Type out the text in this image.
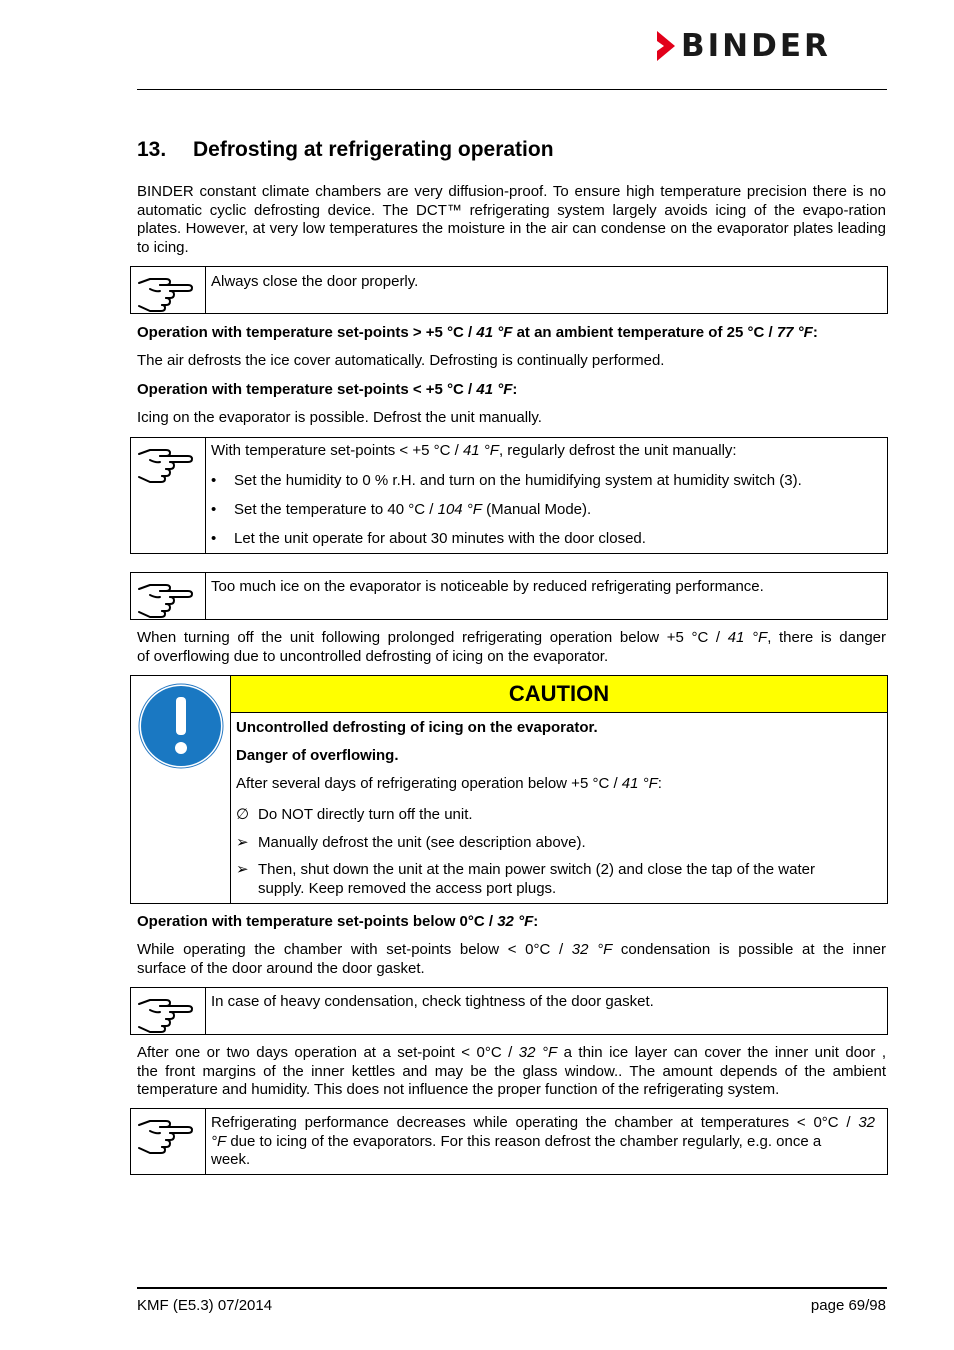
BINDER
13. Defrosting at refrigerating operation
BINDER constant climate chambers are very diffusion-proof. To ensure high temperature precision there is no automatic cyclic defrosting device. The DCT™ refrigerating system largely avoids icing of the evapo-ration plates. However, at very low temperatures the moisture in the air can condense on the evaporator plates leading to icing.
Always close the door properly.
Operation with temperature set-points > +5 °C / 41 °F at an ambient temperature of 25 °C / 77 °F:
The air defrosts the ice cover automatically. Defrosting is continually performed.
Operation with temperature set-points < +5 °C / 41 °F:
Icing on the evaporator is possible. Defrost the unit manually.
With temperature set-points < +5 °C / 41 °F, regularly defrost the unit manually:
• Set the humidity to 0 % r.H. and turn on the humidifying system at humidity switch (3).
• Set the temperature to 40 °C / 104 °F (Manual Mode).
• Let the unit operate for about 30 minutes with the door closed.
Too much ice on the evaporator is noticeable by reduced refrigerating performance.
When turning off the unit following prolonged refrigerating operation below +5 °C / 41 °F, there is danger
of overflowing due to uncontrolled defrosting of icing on the evaporator.
CAUTION
Uncontrolled defrosting of icing on the evaporator.
Danger of overflowing.
After several days of refrigerating operation below +5 °C / 41 °F:
∅ Do NOT directly turn off the unit.
➢ Manually defrost the unit (see description above).
➢ Then, shut down the unit at the main power switch (2) and close the tap of the water
supply. Keep removed the access port plugs.
Operation with temperature set-points below 0°C / 32 °F:
While operating the chamber with set-points below < 0°C / 32 °F condensation is possible at the inner
surface of the door around the door gasket.
In case of heavy condensation, check tightness of the door gasket.
After one or two days operation at a set-point < 0°C / 32 °F a thin ice layer can cover the inner unit door ,
the front margins of the inner kettles and may be the glass window.. The amount depends of the ambient
temperature and humidity. This does not influence the proper function of the refrigerating system.
Refrigerating performance decreases while operating the chamber at temperatures < 0°C / 32
°F due to icing of the evaporators. For this reason defrost the chamber regularly, e.g. once a
week.
KMF (E5.3) 07/2014	page 69/98
